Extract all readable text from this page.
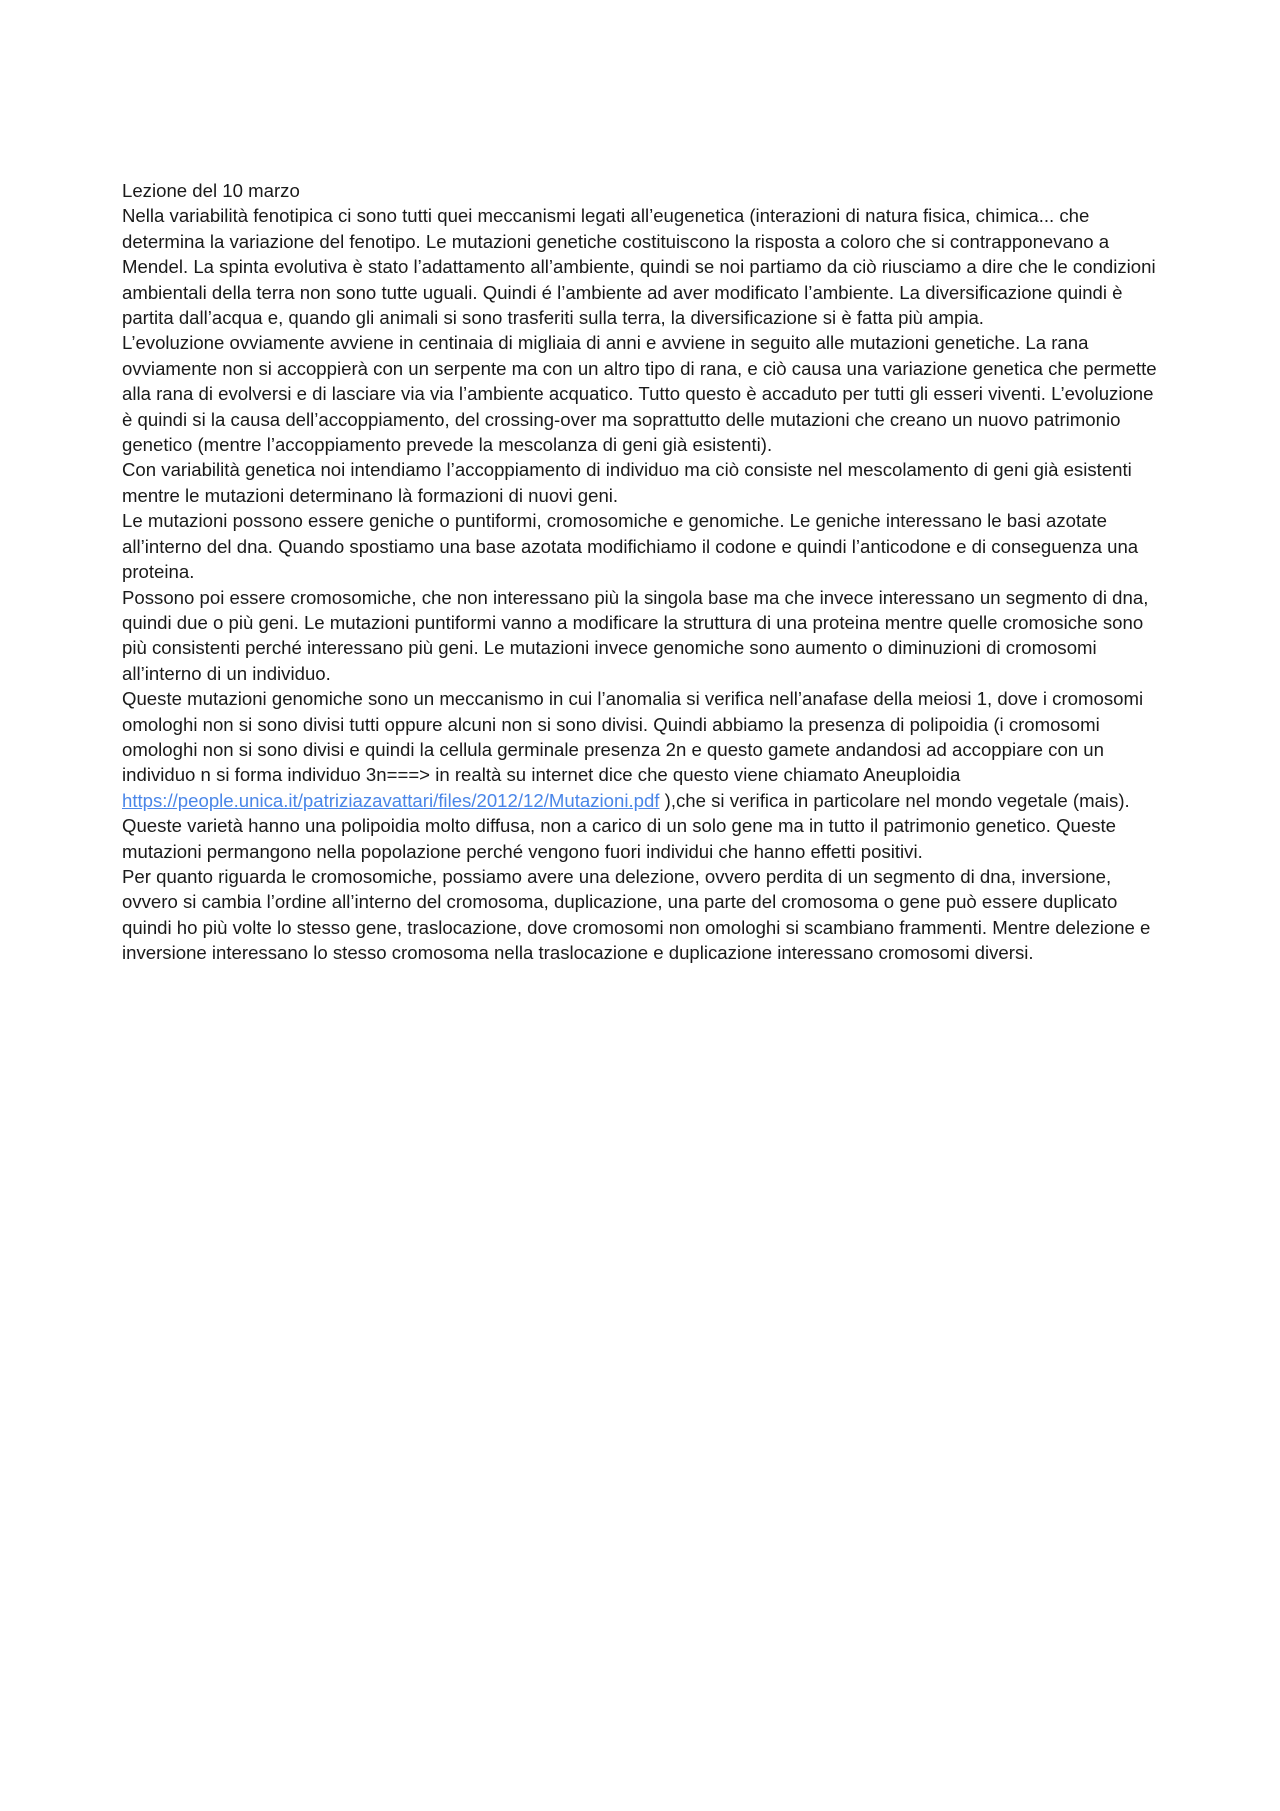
Lezione del 10 marzo

Nella variabilità fenotipica ci sono tutti quei meccanismi legati all’eugenetica (interazioni di natura fisica, chimica... che determina la variazione del fenotipo. Le mutazioni genetiche costituiscono la risposta a coloro che si contrapponevano a Mendel. La spinta evolutiva è stato l’adattamento all’ambiente, quindi se noi partiamo da ciò riusciamo a dire che le condizioni ambientali della terra non sono tutte uguali. Quindi é l’ambiente ad aver modificato l’ambiente. La diversificazione quindi è partita dall’acqua e, quando gli animali si sono trasferiti sulla terra, la diversificazione si è fatta più ampia.

L’evoluzione ovviamente avviene in centinaia di migliaia di anni e avviene in seguito alle mutazioni genetiche. La rana ovviamente non si accoppierà con un serpente ma con un altro tipo di rana, e ciò causa una variazione genetica che permette alla rana di evolversi e di lasciare via via l’ambiente acquatico. Tutto questo è accaduto per tutti gli esseri viventi. L’evoluzione è quindi si la causa dell’accoppiamento, del crossing-over ma soprattutto delle mutazioni che creano un nuovo patrimonio genetico (mentre l’accoppiamento prevede la mescolanza di geni già esistenti).

Con variabilità genetica noi intendiamo l’accoppiamento di individuo ma ciò consiste nel mescolamento di geni già esistenti mentre le mutazioni determinano là formazioni di nuovi geni.

Le mutazioni possono essere geniche o puntiformi, cromosomiche e genomiche. Le geniche interessano le basi azotate all’interno del dna. Quando spostiamo una base azotata modifichiamo il codone e quindi l’anticodone e di conseguenza una proteina.

Possono poi essere cromosomiche, che non interessano più la singola base ma che invece interessano un segmento di dna, quindi due o più geni. Le mutazioni puntiformi vanno a modificare la struttura di una proteina mentre quelle cromosiche sono più consistenti perché interessano più geni. Le mutazioni invece genomiche sono aumento o diminuzioni di cromosomi all’interno di un individuo.

Queste mutazioni genomiche sono un meccanismo in cui l’anomalia si verifica nell’anafase della meiosi 1, dove i cromosomi omologhi non si sono divisi tutti oppure alcuni non si sono divisi. Quindi abbiamo la presenza di polipoidia (i cromosomi omologhi non si sono divisi e quindi la cellula germinale presenza 2n e questo gamete andandosi ad accoppiare con un individuo n si forma individuo 3n===> in realtà su internet dice che questo viene chiamato Aneuploidia https://people.unica.it/patriziazavattari/files/2012/12/Mutazioni.pdf ),che si verifica in particolare nel mondo vegetale (mais). Queste varietà hanno una polipoidia molto diffusa, non a carico di un solo gene ma in tutto il patrimonio genetico. Queste mutazioni permangono nella popolazione perché vengono fuori individui che hanno effetti positivi.

Per quanto riguarda le cromosomiche, possiamo avere una delezione, ovvero perdita di un segmento di dna, inversione, ovvero si cambia l’ordine all’interno del cromosoma, duplicazione, una parte del cromosoma o gene può essere duplicato quindi ho più volte lo stesso gene, traslocazione, dove cromosomi non omologhi si scambiano frammenti. Mentre delezione e inversione interessano lo stesso cromosoma nella traslocazione e duplicazione interessano cromosomi diversi.
